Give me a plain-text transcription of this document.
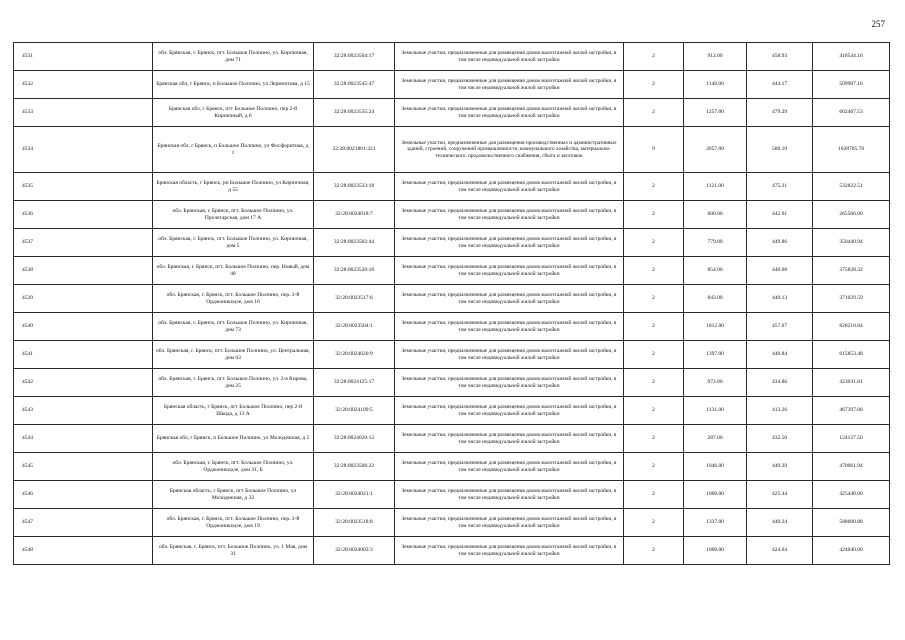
257
4531	обл. Брянская, г. Брянск, пгт. Большое Полпино, ул. Кирпичная, дом 71	32:28:0023504:17	Земельные участки, предназначенные для размещения домов малоэтажной жилой застройки, в том числе индивидуальной жилой застройки	2	912.00	458.93	418544.16
4532	Брянская обл, г Брянск, п Большое Полпино, ул Лермонтова, д 15	32:28:0023545:47	Земельные участки, предназначенные для размещения домов малоэтажной жилой застройки, в том числе индивидуальной жилой застройки	2	1148.00	444.17	509907.16
4533	Брянская обл, г Брянск, пгт Большое Полпино, пер 2-й Кирпичный, д 6	32:28:0023535:24	Земельные участки, предназначенные для размещения домов малоэтажной жилой застройки, в том числе индивидуальной жилой застройки	2	1257.00	479.29	602467.53
4534	Брянская обл, г Брянск, п Большое Полпино, ул Фосфоритная, д 1	32:28:0021801:321	Земельные участки, предназначенные для размещения производственных и административных зданий, строений, сооружений промышленности, коммунального хозяйства, материально-технического, продовольственного снабжения, сбыта и заготовок	9	2057.00	500.10	1028705.70
4535	Брянская область, г Брянск, рп Большое Полпино, ул Кирпичная, д 55	32:28:0023533:18	Земельные участки, предназначенные для размещения домов малоэтажной жилой застройки, в том числе индивидуальной жилой застройки	2	1121.00	475.31	532822.51
4536	обл. Брянская, г. Брянск, пгт. Большое Полпино, ул. Пролетарская, дом 17 А	32:28:0024018:7	Земельные участки, предназначенные для размещения домов малоэтажной жилой застройки, в том числе индивидуальной жилой застройки	2	600.00	442.61	265566.00
4537	обл. Брянская, г. Брянск, пгт. Большое Полпино, ул. Кирпичная, дом 5	32:28:0023502:44	Земельные участки, предназначенные для размещения домов малоэтажной жилой застройки, в том числе индивидуальной жилой застройки	2	779.00	449.86	350440.94
4538	обл. Брянская, г. Брянск, пгт. Большое Полпино, пер. Новый, дом 48	32:28:0023520:18	Земельные участки, предназначенные для размещения домов малоэтажной жилой застройки, в том числе индивидуальной жилой застройки	2	854.00	440.08	375828.32
4539	обл. Брянская, г. Брянск, пгт. Большое Полпино, пер. 2-й Орджоникидзе, дом 16	32:28:0023517:6	Земельные участки, предназначенные для размещения домов малоэтажной жилой застройки, в том числе индивидуальной жилой застройки	2	843.00	440.13	371029.59
4540	обл. Брянская, г. Брянск, пгт. Большое Полпино, ул. Кирпичная, дом 73	32:28:0023504:1	Земельные участки, предназначенные для размещения домов малоэтажной жилой застройки, в том числе индивидуальной жилой застройки	2	1812.00	457.07	828210.84
4541	обл. Брянская, г. Брянск, пгт. Большое Полпино, ул. Центральная, дом 63	32:28:0024020:9	Земельные участки, предназначенные для размещения домов малоэтажной жилой застройки, в том числе индивидуальной жилой застройки	2	1397.00	440.84	615853.48
4542	обл. Брянская, г. Брянск, пгт. Большое Полпино, ул. 2-я Кирова, дом 25	32:28:0024125:17	Земельные участки, предназначенные для размещения домов малоэтажной жилой застройки, в том числе индивидуальной жилой застройки	2	972.80	434.86	423031.81
4543	Брянская область, г Брянск, пгт Большое Полпино, пер 2-й Шкода, д 13 А	32:28:0024109:5	Земельные участки, предназначенные для размещения домов малоэтажной жилой застройки, в том числе индивидуальной жилой застройки	2	1131.00	413.26	467397.06
4544	Брянская обл, г Брянск, п Большое Полпино, ул Молодежная, д 2	32:28:0024020:12	Земельные участки, предназначенные для размещения домов малоэтажной жилой застройки, в том числе индивидуальной жилой застройки	2	287.00	432.50	124127.50
4545	обл. Брянская, г. Брянск, пгт. Большое Полпино, ул. Орджоникидзе, дом 31, Б	32:28:0023506:22	Земельные участки, предназначенные для размещения домов малоэтажной жилой застройки, в том числе индивидуальной жилой застройки	2	1046.00	449.39	470061.94
4546	Брянская область, г Брянск, пгт Большое Полпино, ул Молодежная, д 32	32:28:0024021:1	Земельные участки, предназначенные для размещения домов малоэтажной жилой застройки, в том числе индивидуальной жилой застройки	2	1000.00	425.44	425440.00
4547	обл. Брянская, г. Брянск, пгт. Большое Полпино, пер. 2-й Орджоникидзе, дом 19	32:28:0023518:8	Земельные участки, предназначенные для размещения домов малоэтажной жилой застройки, в том числе индивидуальной жилой застройки	2	1337.00	440.24	588600.88
4548	обл. Брянская, г. Брянск, пгт. Большое Полпино, ул. 1 Мая, дом 31	32:28:0024003:3	Земельные участки, предназначенные для размещения домов малоэтажной жилой застройки, в том числе индивидуальной жилой застройки	2	1000.00	424.04	424040.00
